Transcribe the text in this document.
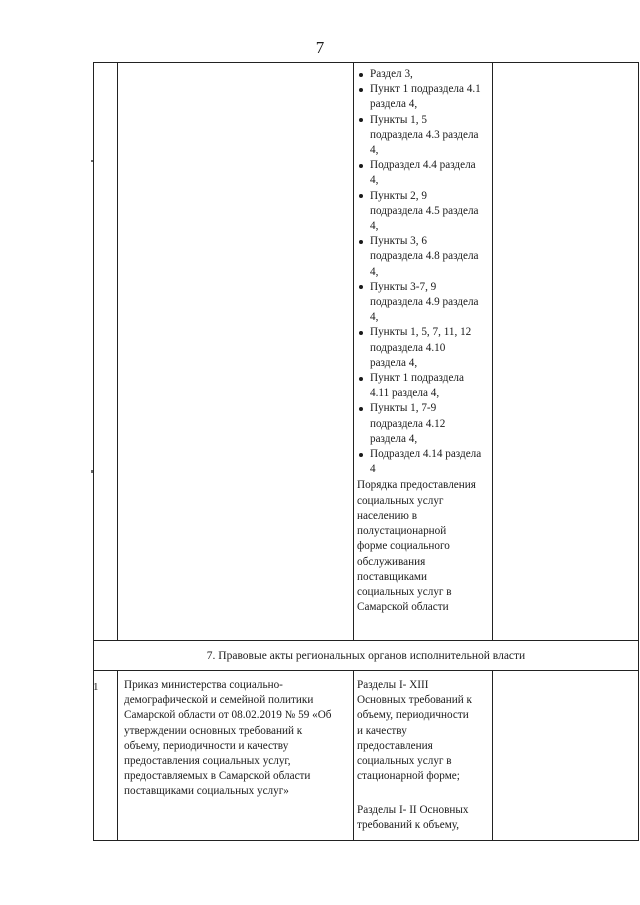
7
Раздел 3,
Пункт 1 подраздела 4.1
раздела 4,
Пункты 1, 5
подраздела 4.3 раздела
4,
Подраздел 4.4 раздела
4,
Пункты 2, 9
подраздела 4.5 раздела
4,
Пункты 3, 6
подраздела 4.8 раздела
4,
Пункты 3-7, 9
подраздела 4.9 раздела
4,
Пункты 1, 5, 7, 11, 12
подраздела 4.10
раздела 4,
Пункт 1 подраздела
4.11 раздела 4,
Пункты 1, 7-9
подраздела 4.12
раздела 4,
Подраздел 4.14 раздела
4
Порядка предоставления
социальных услуг
населению в
полустационарной
форме социального
обслуживания
поставщиками
социальных услуг в
Самарской области
7. Правовые акты региональных органов исполнительной власти
1 Приказ министерства социально-
демографической и семейной политики
Самарской области от 08.02.2019 № 59 «Об
утверждении основных требований к
объему, периодичности и качеству
предоставления социальных услуг,
предоставляемых в Самарской области
поставщиками социальных услуг»
Разделы I- XIII
Основных требований к
объему, периодичности
и качеству
предоставления
социальных услуг в
стационарной форме;
Разделы I- II Основных
требований к объему,
